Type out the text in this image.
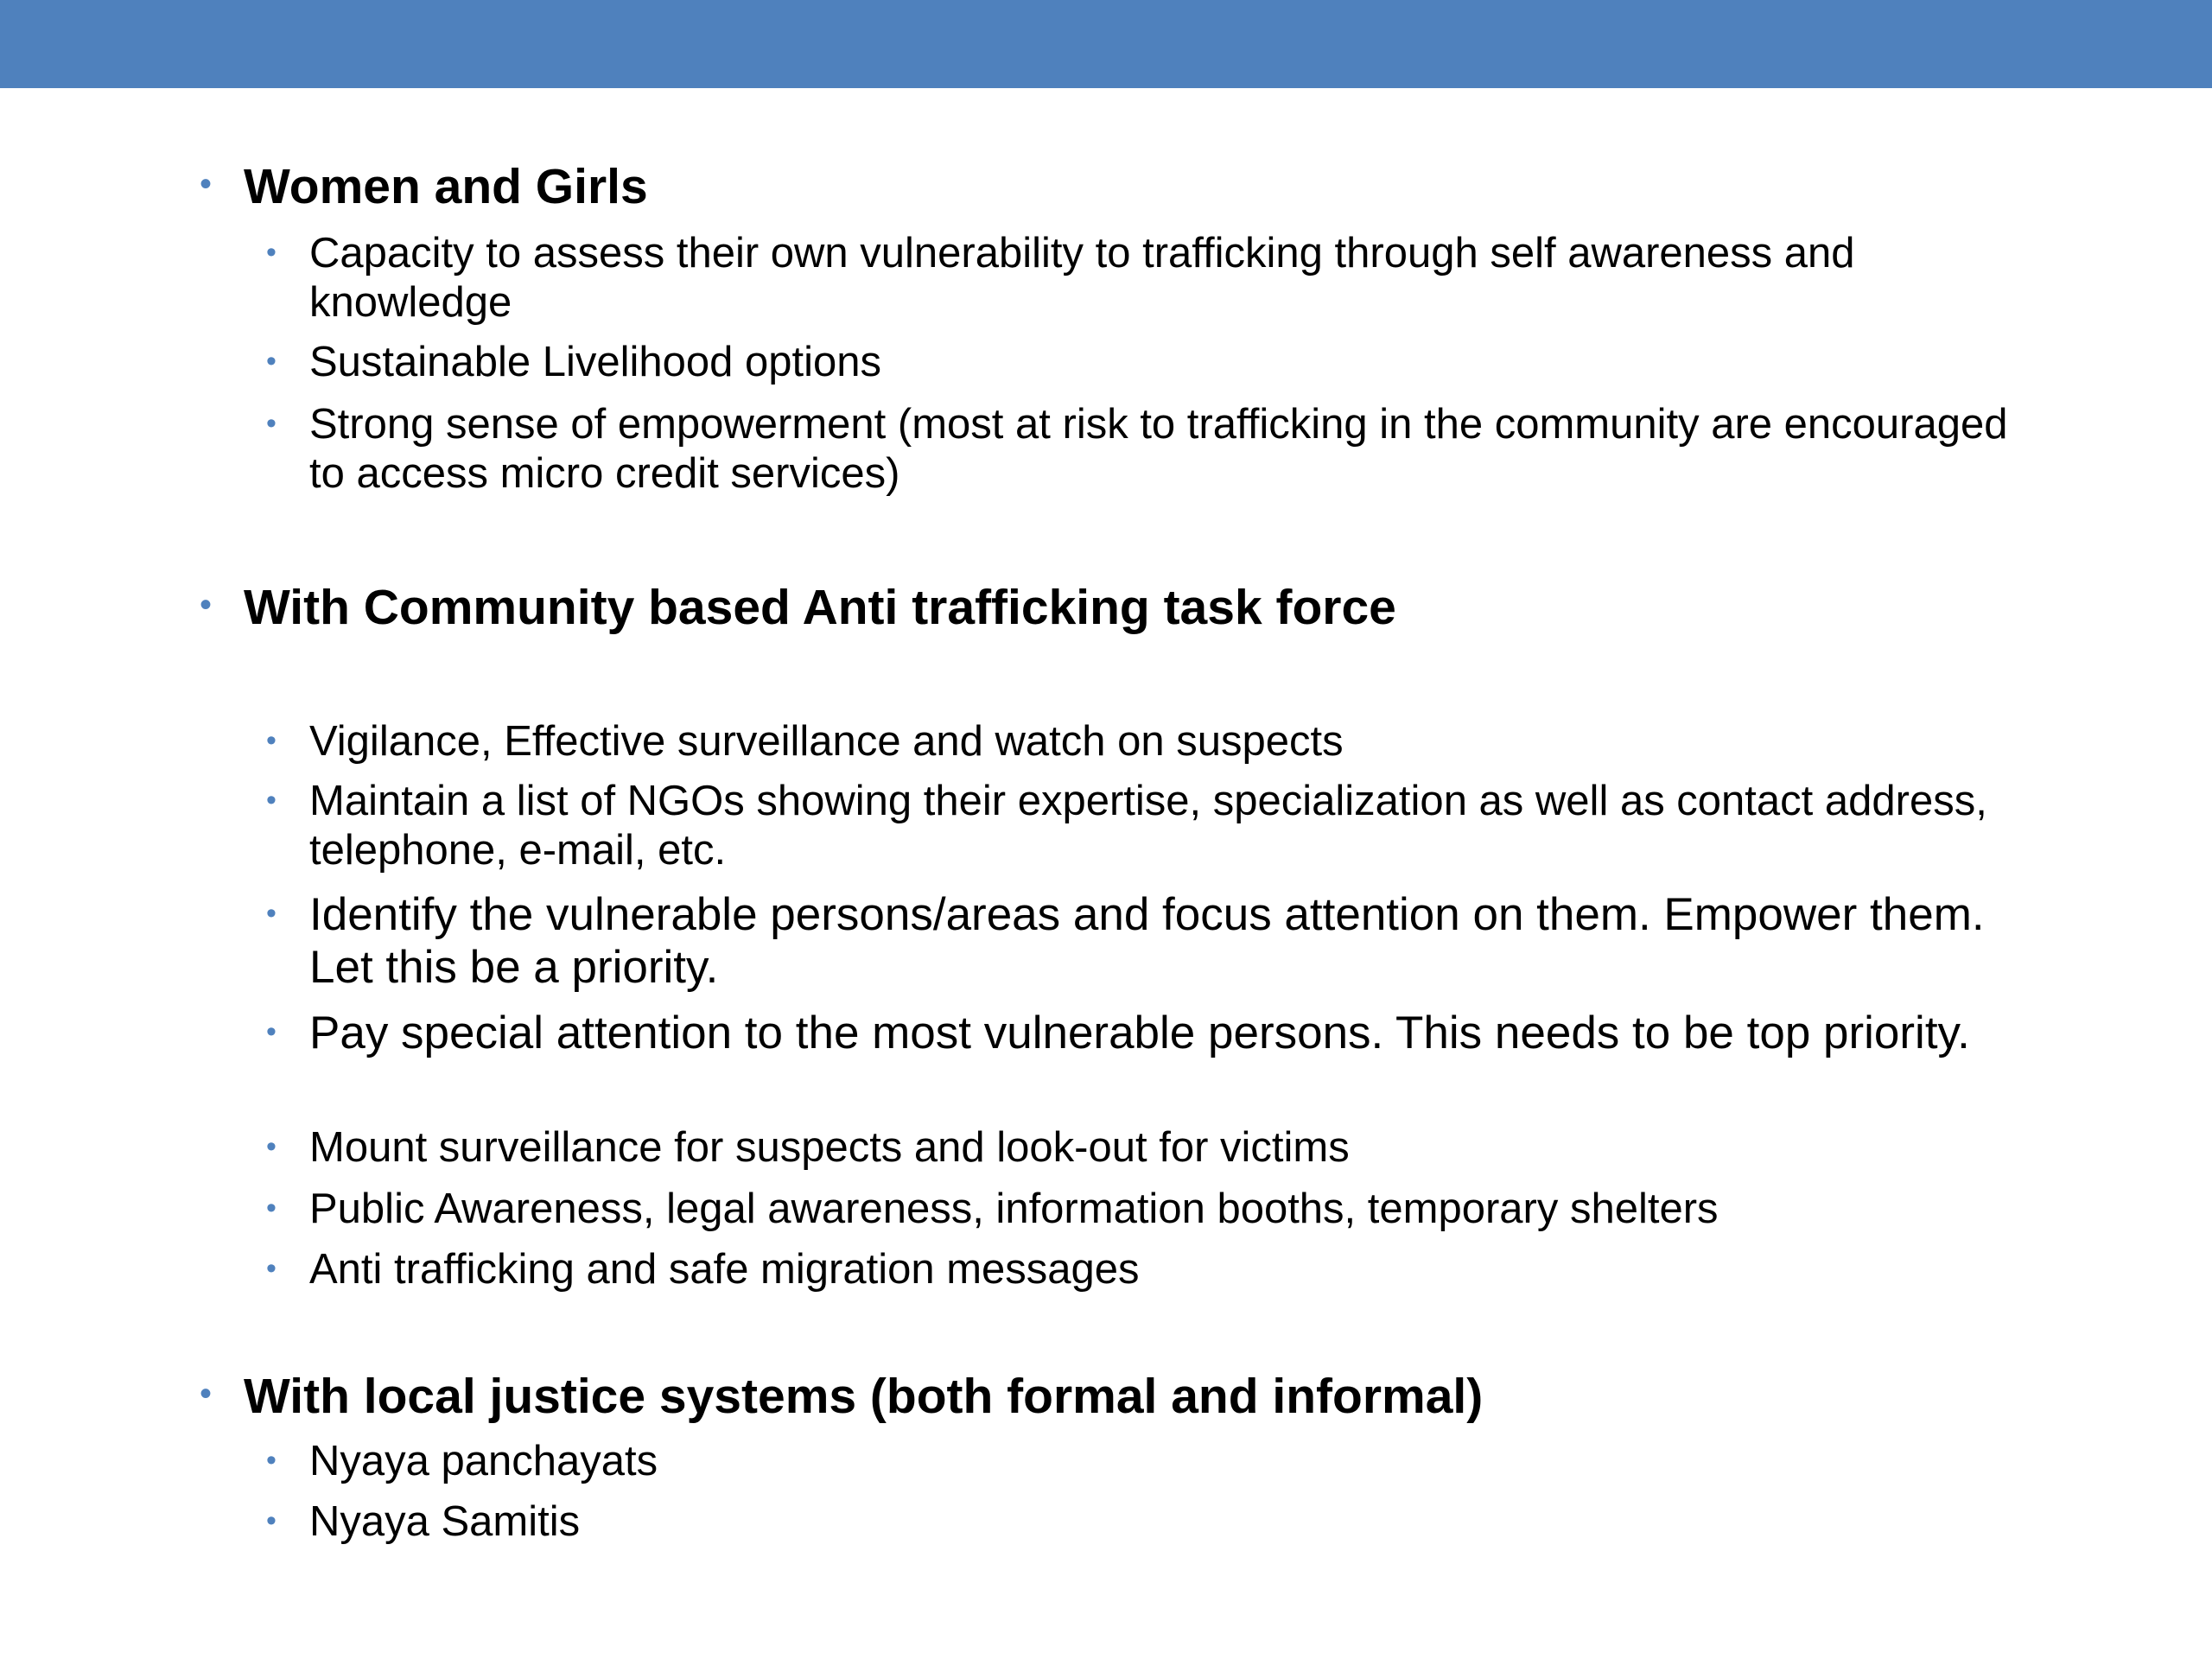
• Women and Girls
• Capacity to assess their own vulnerability to trafficking through self awareness and knowledge
• Sustainable Livelihood options
• Strong sense of empowerment (most at risk to trafficking in the community are encouraged to access micro credit services)
• With Community based Anti trafficking task force
• Vigilance, Effective surveillance and watch on suspects
• Maintain a list of NGOs showing their expertise, specialization as well as contact address, telephone, e-mail, etc.
• Identify the vulnerable persons/areas and focus attention on them. Empower them. Let this be a priority.
• Pay special attention to the most vulnerable persons. This needs to be top priority.
• Mount surveillance for suspects and look-out for victims
• Public Awareness, legal awareness, information booths, temporary shelters
• Anti trafficking and safe migration messages
• With local justice systems (both formal and informal)
• Nyaya panchayats
• Nyaya Samitis
